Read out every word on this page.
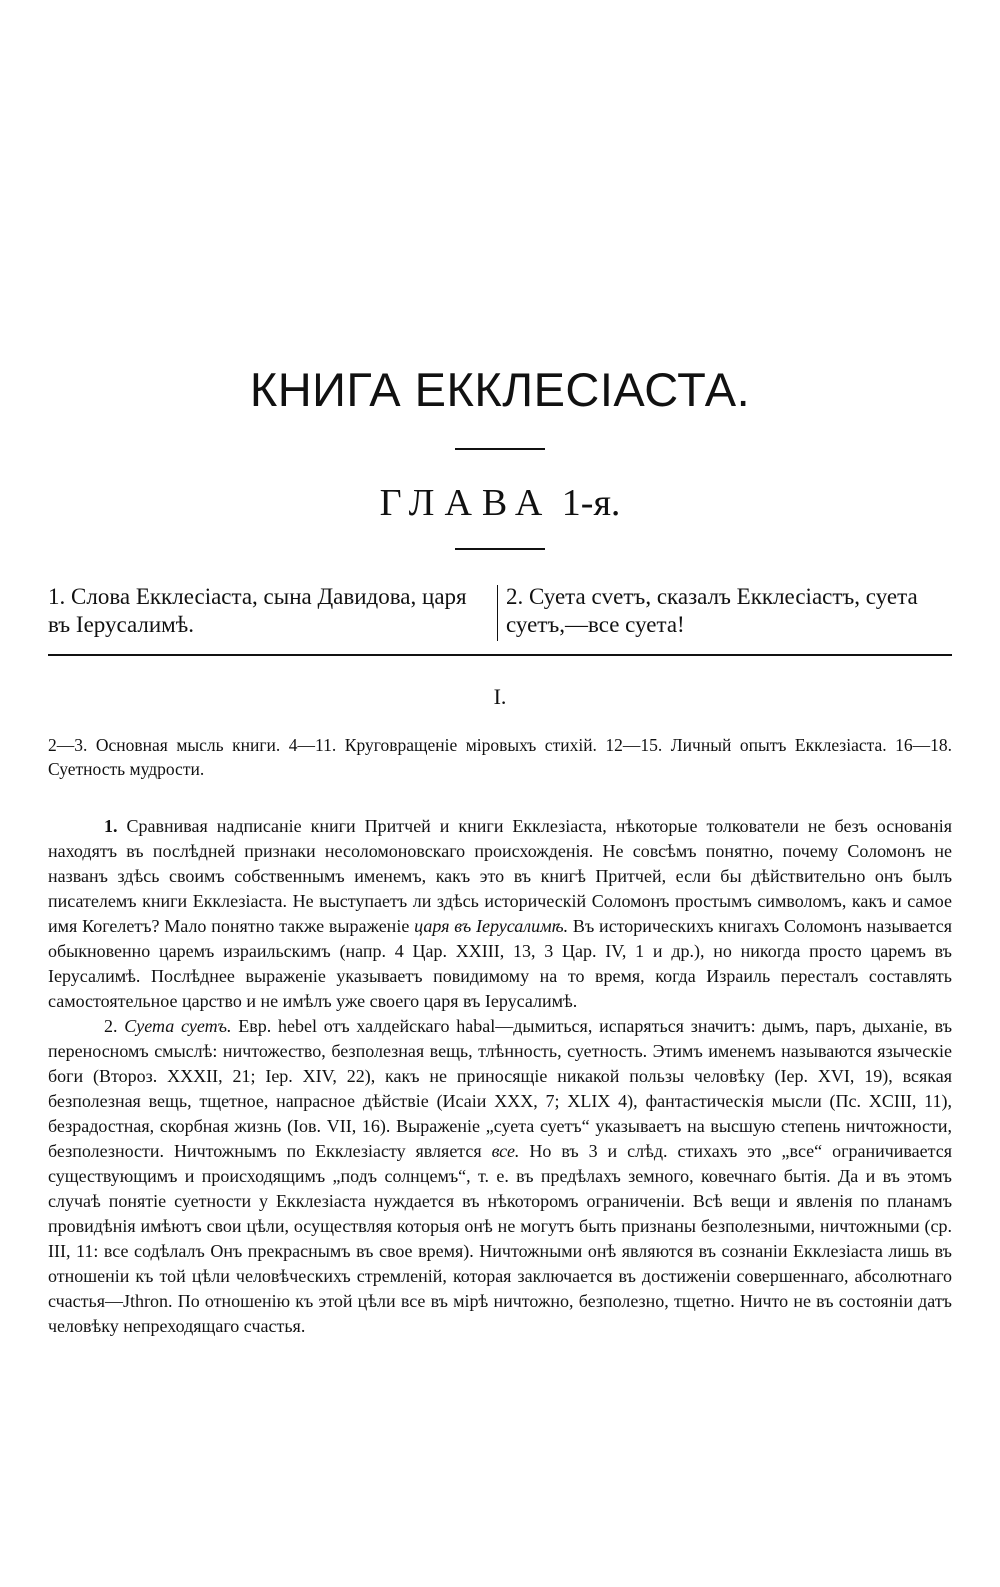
КНИГА ЕККЛЕСІАСТА.
ГЛАВА 1-я.
1. Слова Екклесіаста, сына Давидова, царя въ Іерусалимѣ.
2. Суета сvетъ, сказалъ Екклесіастъ, суета суетъ,—все суета!
I.
2—3. Основная мысль книги. 4—11. Круговращеніе міровыхъ стихій. 12—15. Личный опытъ Екклезіаста. 16—18. Суетность мудрости.

1. Сравнивая надписаніе книги Притчей и книги Екклезіаста, нѣкоторые толкователи не безъ основанія находятъ въ послѣдней признаки несоломоновскаго происхожденія. Не совсѣмъ понятно, почему Соломонъ не названъ здѣсь своимъ собственнымъ именемъ, какъ это въ книгѣ Притчей, если бы дѣйствительно онъ былъ писателемъ книги Екклезіаста. Не выступаетъ ли здѣсь историческій Соломонъ простымъ символомъ, какъ и самое имя Когелетъ? Мало понятно также выраженіе царя въ Іерусалимѣ. Въ историческихъ книгахъ Соломонъ называется обыкновенно царемъ израильскимъ (напр. 4 Цар. XXIII, 13, 3 Цар. IV, 1 и др.), но никогда просто царемъ въ Іерусалимѣ. Послѣднее выраженіе указываетъ повидимому на то время, когда Израиль пересталъ составлять самостоятельное царство и не имѣлъ уже своего царя въ Іерусалимѣ.

2. Суета суетъ. Евр. hebel отъ халдейскаго habal—дымиться, испаряться значитъ: дымъ, паръ, дыханіе, въ переносномъ смыслѣ: ничтожество, безполезная вещь, тлѣнность, суетность. Этимъ именемъ называются языческіе боги (Второз. XXXII, 21; Іер. XIV, 22), какъ не приносящіе никакой пользы человѣку (Іер. XVI, 19), всякая безполезная вещь, тщетное, напрасное дѣйствіе (Исаіи XXX, 7; XLIX 4), фантастическія мысли (Пс. XCIII, 11), безрадостная, скорбная жизнь (Іов. VII, 16). Выраженіе „суета суетъ“ указываетъ на высшую степень ничтожности, безполезности. Ничтожнымъ по Екклезіасту является все. Но въ 3 и слѣд. стихахъ это „все“ ограничивается существующимъ и происходящимъ „подъ солнцемъ“, т. е. въ предѣлахъ земного, ковечнаго бытія. Да и въ этомъ случаѣ понятіе суетности у Екклезіаста нуждается въ нѣкоторомъ ограниченіи. Всѣ вещи и явленія по планамъ провидѣнія имѣютъ свои цѣли, осуществляя которыя онѣ не могутъ быть признаны безполезными, ничтожными (ср. III, 11: все содѣлалъ Онъ прекраснымъ въ свое время). Ничтожными онѣ являются въ сознаніи Екклезіаста лишь въ отношеніи къ той цѣли человѣческихъ стремленій, которая заключается въ достиженіи совершеннаго, абсолютнаго счастья—Jthron. По отношенію къ этой цѣли все въ мірѣ ничтожно, безполезно, тщетно. Ничто не въ состояніи датъ человѣку непреходящаго счастья.
